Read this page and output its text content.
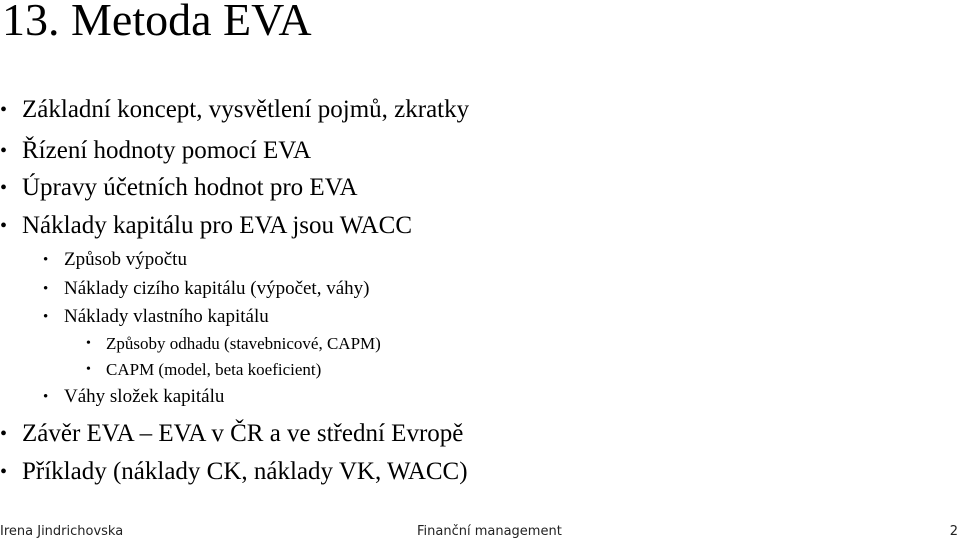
13. Metoda EVA
• Základní koncept, vysvětlení pojmů, zkratky
• Řízení hodnoty pomocí EVA
• Úpravy účetních hodnot pro EVA
• Náklady kapitálu pro EVA jsou WACC
• Způsob výpočtu
• Náklady cizího kapitálu (výpočet, váhy)
• Náklady vlastního kapitálu
• Způsoby odhadu (stavebnicové, CAPM)
• CAPM (model, beta koeficient)
• Váhy složek kapitálu
• Závěr EVA – EVA v ČR a ve střední Evropě
• Příklady (náklady CK, náklady VK, WACC)
Irena Jindrichovska	Finanční management	2
